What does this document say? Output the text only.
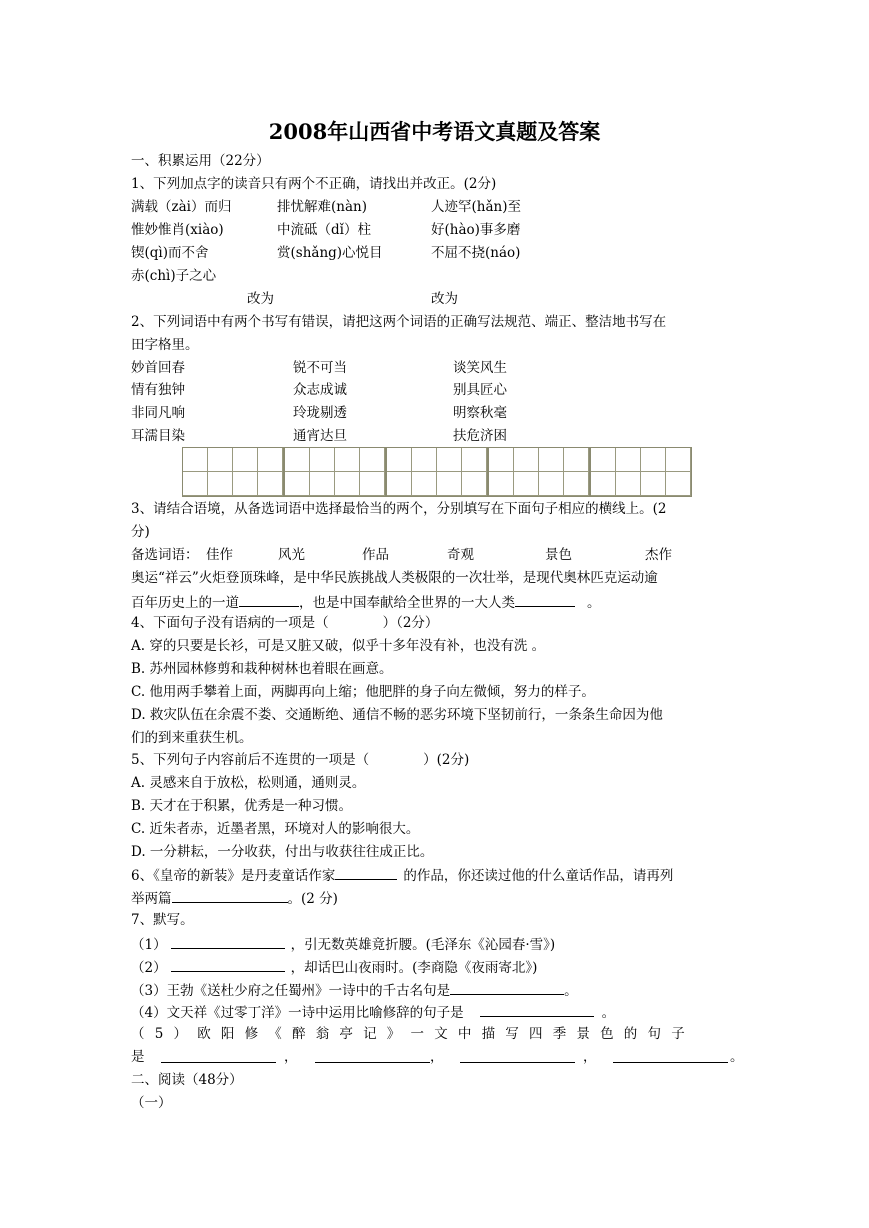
2008年山西省中考语文真题及答案
一、积累运用（22分）
1、下列加点字的读音只有两个不正确，请找出并改正。(2分)
满载（zài）而归	排忧解难(nàn)	人迹罕(hǎn)至
惟妙惟肖(xiào)	中流砥（dǐ）柱	好(hào)事多磨
锲(qì)而不舍	赏(shǎng)心悦目	不屈不挠(náo)
赤(chì)子之心
改为	改为
2、下列词语中有两个书写有错误，请把这两个词语的正确写法规范、端正、整洁地书写在
田字格里。
妙首回春	锐不可当	谈笑风生
情有独钟	众志成诚	别具匠心
非同凡响	玲珑剔透	明察秋毫
耳濡目染	通宵达旦	扶危济困
3、请结合语境，从备选词语中选择最恰当的两个，分别填写在下面句子相应的横线上。(2
分)
备选词语： 佳作	风光	作品	奇观	景色	杰作
奥运“祥云”火炬登顶珠峰，是中华民族挑战人类极限的一次壮举，是现代奥林匹克运动逾
百年历史上的一道	，也是中国奉献给全世界的一大人类	。
4、下面句子没有语病的一项是（　　　　）（2分）
A. 穿的只要是长衫，可是又脏又破，似乎十多年没有补，也没有洗 。
B. 苏州园林修剪和栽种树林也着眼在画意。
C. 他用两手攀着上面，两脚再向上缩；他肥胖的身子向左微倾，努力的样子。
D. 救灾队伍在余震不娄、交通断绝、通信不畅的恶劣环境下坚韧前行，一条条生命因为他
们的到来重获生机。
5、下列句子内容前后不连贯的一项是（　　　　）(2分)
A. 灵感来自于放松，松则通，通则灵。
B. 天才在于积累，优秀是一种习惯。
C. 近朱者赤，近墨者黑，环境对人的影响很大。
D. 一分耕耘，一分收获，付出与收获往往成正比。
6、《皇帝的新装》是丹麦童话作家	的作品，你还读过他的什么童话作品，请再列
举两篇	。(2 分)
7、默写。
（1）	，引无数英雄竟折腰。(毛泽东《沁园春·雪》)
（2）	，却话巴山夜雨时。(李商隐《夜雨寄北》)
（3）王勃《送杜少府之任蜀州》一诗中的千古名句是	。
（4）文天祥《过零丁洋》一诗中运用比喻修辞的句子是	。
（5）欧阳修《醉翁亭记》一文中描写四季景色的句子
是	，	，	，	。
二、阅读（48分）
（一）
